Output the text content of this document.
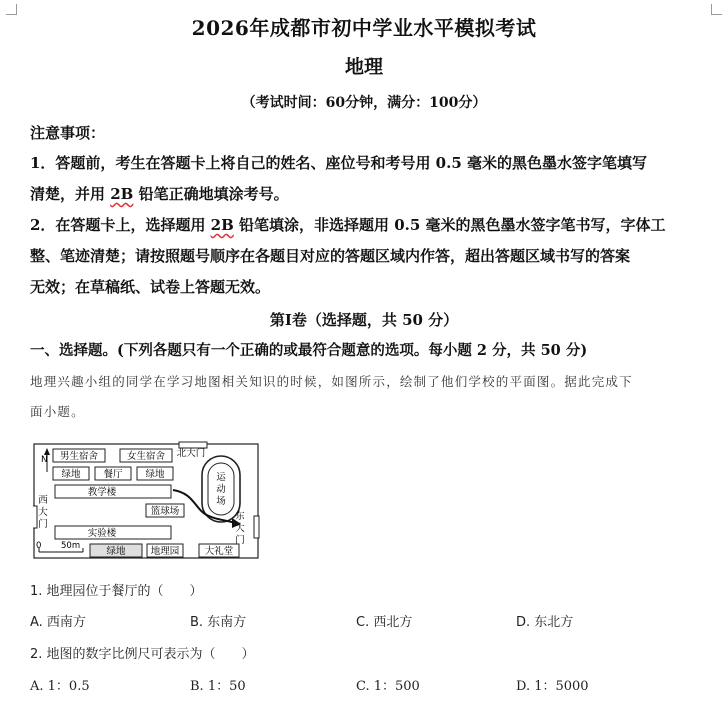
2026年成都市初中学业水平模拟考试
地理
（考试时间：60分钟，满分：100分）
注意事项：
1．答题前，考生在答题卡上将自己的姓名、座位号和考号用 0.5 毫米的黑色墨水签字笔填写
清楚，并用 2B 铅笔正确地填涂考号。
2．在答题卡上，选择题用 2B 铅笔填涂，非选择题用 0.5 毫米的黑色墨水签字笔书写，字体工
整、笔迹清楚；请按照题号顺序在各题目对应的答题区域内作答，超出答题区域书写的答案
无效；在草稿纸、试卷上答题无效。
第Ⅰ卷（选择题，共 50 分）
一、选择题。(下列各题只有一个正确的或最符合题意的选项。每小题 2 分，共 50 分)
地理兴趣小组的同学在学习地图相关知识的时候，如图所示，绘制了他们学校的平面图。据此完成下
面小题。
N 男生宿舍	女生宿舍 北大门
绿地 餐厅 绿地
教学楼
运
动
场
西
大
门
篮球场	东
大
门
实验楼
0 50m	绿地	地理园	大礼堂
1. 地理园位于餐厅的（　　）
A. 西南方	B. 东南方	C. 西北方	D. 东北方
2. 地图的数字比例尺可表示为（　　）
A. 1：0.5	B. 1：50	C. 1：500	D. 1：5000
